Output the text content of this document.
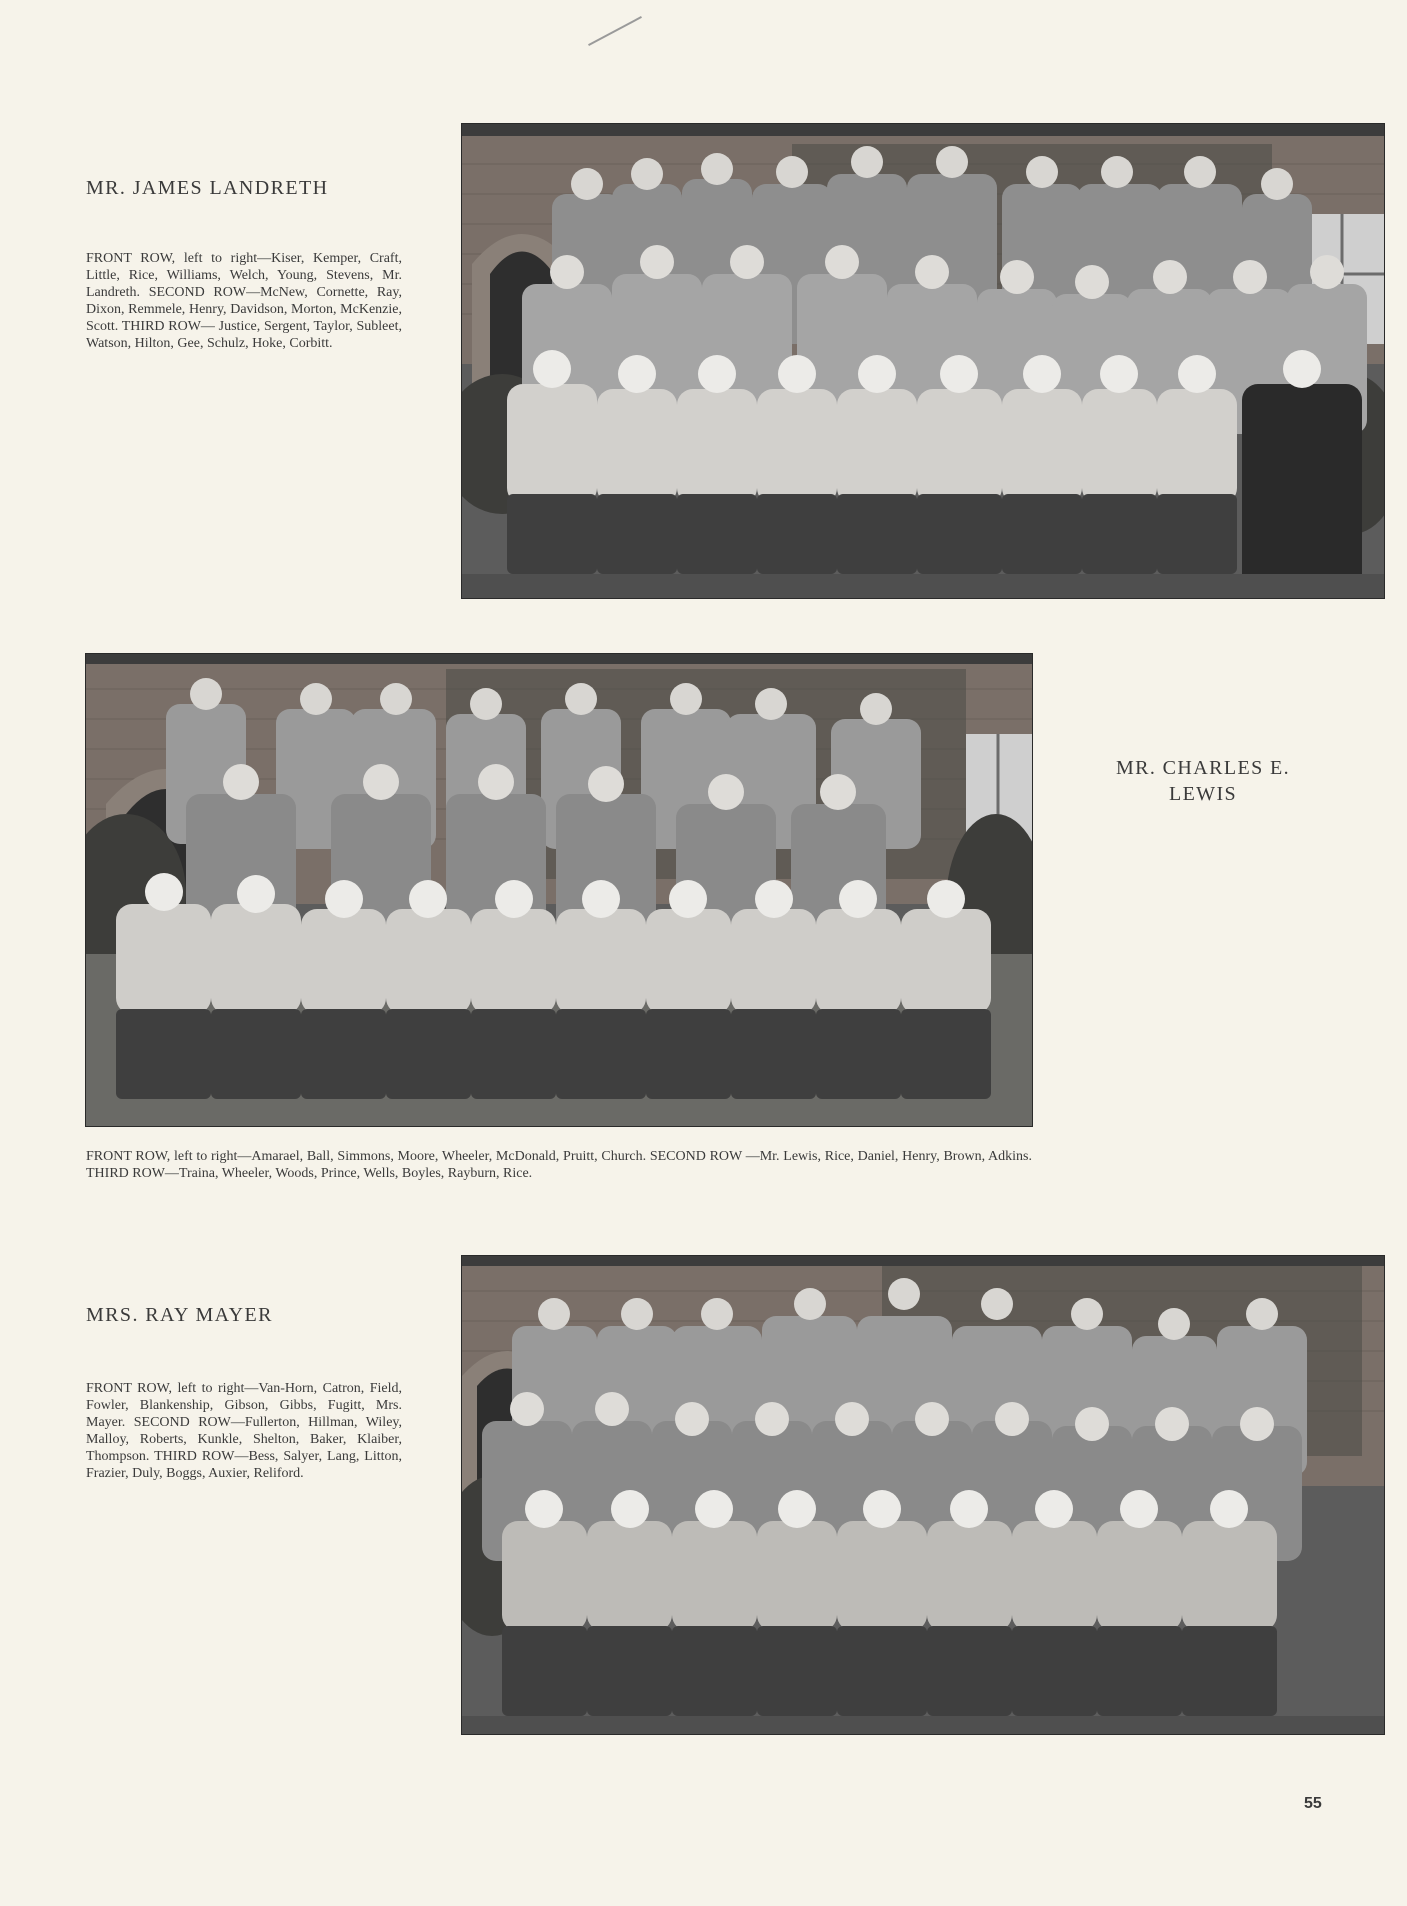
MR. JAMES LANDRETH

FRONT ROW, left to right—Kiser, Kemper, Craft, Little, Rice, Williams, Welch, Young, Stevens, Mr. Landreth. SECOND ROW—McNew, Cornette, Ray, Dixon, Remmele, Henry, Davidson, Morton, McKenzie, Scott. THIRD ROW— Justice, Sergent, Taylor, Subleet, Watson, Hilton, Gee, Schulz, Hoke, Corbitt.

MR. CHARLES E. LEWIS

FRONT ROW, left to right—Amarael, Ball, Simmons, Moore, Wheeler, McDonald, Pruitt, Church. SECOND ROW —Mr. Lewis, Rice, Daniel, Henry, Brown, Adkins. THIRD ROW—Traina, Wheeler, Woods, Prince, Wells, Boyles, Rayburn, Rice.

MRS. RAY MAYER

FRONT ROW, left to right—Van-Horn, Catron, Field, Fowler, Blankenship, Gibson, Gibbs, Fugitt, Mrs. Mayer. SECOND ROW—Fullerton, Hillman, Wiley, Malloy, Roberts, Kunkle, Shelton, Baker, Klaiber, Thompson. THIRD ROW—Bess, Salyer, Lang, Litton, Frazier, Duly, Boggs, Auxier, Reliford.

55
